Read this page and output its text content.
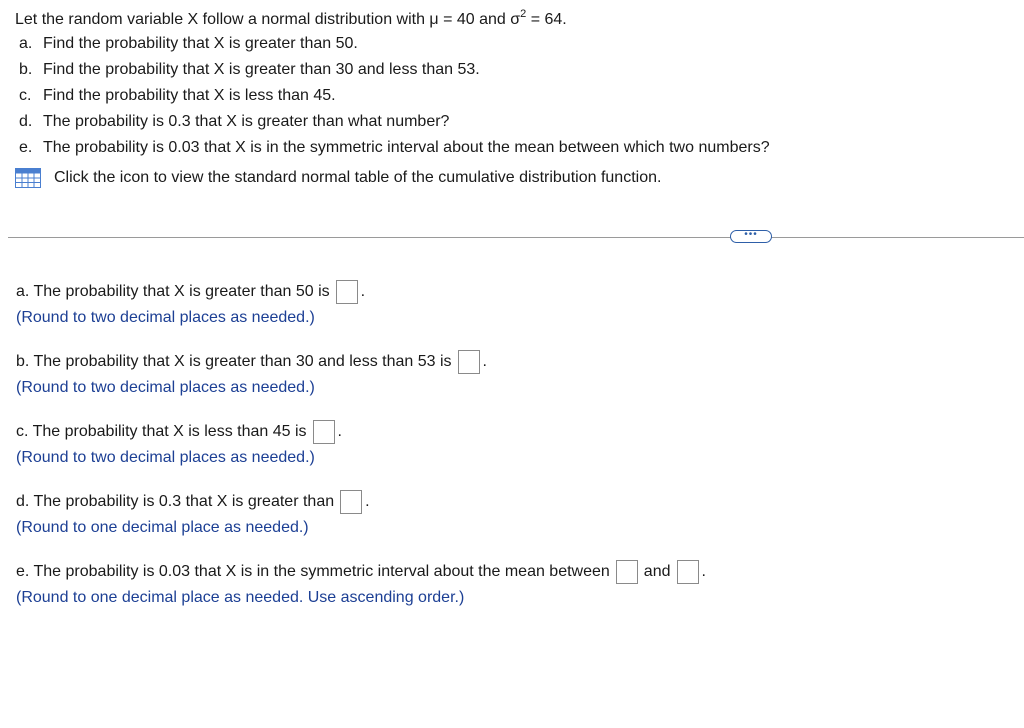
Let the random variable X follow a normal distribution with μ = 40 and $\sigma^2 = 64$.
a. Find the probability that X is greater than 50.
b. Find the probability that X is greater than 30 and less than 53.
c. Find the probability that X is less than 45.
d. The probability is 0.3 that X is greater than what number?
e. The probability is 0.03 that X is in the symmetric interval about the mean between which two numbers?
Click the icon to view the standard normal table of the cumulative distribution function.
•••
a. The probability that X is greater than 50 is .
(Round to two decimal places as needed.)
b. The probability that X is greater than 30 and less than 53 is .
(Round to two decimal places as needed.)
c. The probability that X is less than 45 is .
(Round to two decimal places as needed.)
d. The probability is 0.3 that X is greater than .
(Round to one decimal place as needed.)
e. The probability is 0.03 that X is in the symmetric interval about the mean between and .
(Round to one decimal place as needed. Use ascending order.)
